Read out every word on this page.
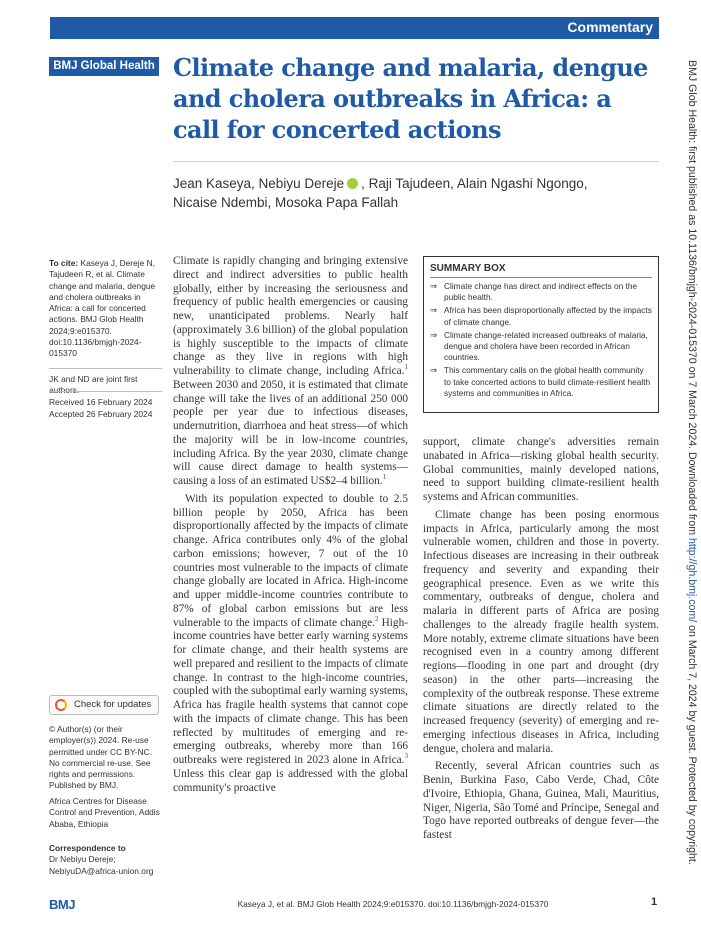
Commentary
BMJ Global Health Climate change and malaria, dengue and cholera outbreaks in Africa: a call for concerted actions
Jean Kaseya, Nebiyu Dereje , Raji Tajudeen, Alain Ngashi Ngongo,
Nicaise Ndembi, Mosoka Papa Fallah
To cite: Kaseya J, Dereje N, Tajudeen R, et al. Climate change and malaria, dengue and cholera outbreaks in Africa: a call for concerted actions. BMJ Glob Health 2024;9:e015370. doi:10.1136/bmjgh-2024-015370
JK and ND are joint first
Received 16 February 2024
Accepted 26 February 2024
Check for updates
© Author(s) (or their employer(s)) 2024. Re-use permitted under CC BY-NC. No commercial re-use. See rights and permissions. Published by BMJ.
Africa Centres for Disease Control and Prevention, Addis Ababa, Ethiopia
Correspondence to
Dr Nebiyu Dereje;
NebiyuDA@africa-union.org

Climate is rapidly changing and bringing extensive direct and indirect adversities to public health globally, either by increasing the seriousness and frequency of public health emergencies or causing new, unanticipated problems. Nearly half (approximately 3.6 billion) of the global population is highly susceptible to the impacts of climate change as they live in regions with high vulnerability to climate change, including Africa.$^1$ Between 2030 and 2050, it is estimated that climate change will take the lives of an additional 250 000 people per year due to infectious diseases, undernutrition, diarrhoea and heat stress—of which the majority will be in low-income countries, including Africa. By the year 2030, climate change will cause direct damage to health systems—causing a loss of an estimated US$2–4 billion.$^1$

With its population expected to double to 2.5 billion people by 2050, Africa has been disproportionally affected by the impacts of climate change. Africa contributes only 4% of the global carbon emissions; however, 7 out of the 10 countries most vulnerable to the impacts of climate change globally are located in Africa. High-income and upper middle-income countries contribute to 87% of global carbon emissions but are less vulnerable to the impacts of climate change.$^2$ High-income countries have better early warning systems for climate change, and their health systems are well prepared and resilient to the impacts of climate change. In contrast to the high-income countries, coupled with the suboptimal early warning systems, Africa has fragile health systems that cannot cope with the impacts of climate change. This has been reflected by multitudes of emerging and re-emerging outbreaks, whereby more than 166 outbreaks were registered in 2023 alone in Africa.$^3$ Unless this clear gap is addressed with the global community's proactive

SUMMARY BOX
⇒ Climate change has direct and indirect effects on the public health.
⇒ Africa has been disproportionally affected by the impacts of climate change.
⇒ Climate change-related increased outbreaks of malaria, dengue and cholera have been recorded in African countries.
⇒ This commentary calls on the global health community to take concerted actions to build climate-resilient health systems and communities in Africa.

support, climate change's adversities remain unabated in Africa—risking global health security. Global communities, mainly developed nations, need to support building climate-resilient health systems and African communities.

Climate change has been posing enormous impacts in Africa, particularly among the most vulnerable women, children and those in poverty. Infectious diseases are increasing in their outbreak frequency and severity and expanding their geographical presence. Even as we write this commentary, outbreaks of dengue, cholera and malaria in different parts of Africa are posing challenges to the already fragile health system. More notably, extreme climate situations have been recognised even in a country among different regions—flooding in one part and drought (dry season) in the other parts—increasing the complexity of the outbreak response. These extreme climate situations are directly related to the increased frequency (severity) of emerging and re-emerging infectious diseases in Africa, including dengue, cholera and malaria.

Recently, several African countries such as Benin, Burkina Faso, Cabo Verde, Chad, Côte d'Ivoire, Ethiopia, Ghana, Guinea, Mali, Mauritius, Niger, Nigeria, São Tomé and Príncipe, Senegal and Togo have reported outbreaks of dengue fever—the fastest

BMJ	Kaseya J, et al. BMJ Glob Health 2024;9:e015370. doi:10.1136/bmjgh-2024-015370	1
BMJ Glob Health: first published as 10.1136/bmjgh-2024-015370 on 7 March 2024. Downloaded from http://gh.bmj.com/ on March 7, 2024 by guest. Protected by copyright.
